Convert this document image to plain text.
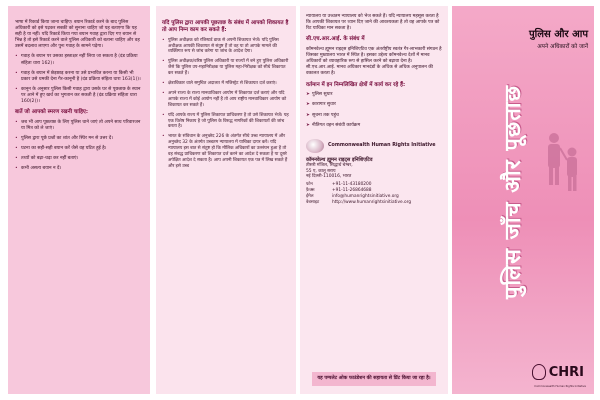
भाषा में रिकार्ड किया जाना चाहिए। बयान रिकार्ड करने के बाद पुलिस अधिकारी को इसे पढ़कर सबकी को सुनाना चाहिए जो यह बताएगा कि यह सही है या नहीं। यदि रिकार्ड किया गया बयान गवाह द्वारा दिए गए बयान से भिन्न है तो इसे रिकार्ड करने वाले पुलिस अधिकारी को बताना चाहिए और वह उसमें बदलाव लाएगा और पुनः गवाह के सामने पढ़ेगा।

• गवाह के बयान पर उसका हस्ताक्षर नहीं लिया जा सकता है (दंड प्रक्रिया संहिता धारा 162)।
• गवाह के बयान में छेड़छाड़ करना या उसे प्रभावित करना या किसी भी प्रकार उसे धमकी देना गैर-कानूनी है (दंड प्रक्रिया संहिता धारा 163(1))।
• कानून के अनुसार पुलिस किसी गवाह द्वारा उसके घर से पूछताछ के स्थान पर आने में हुए खर्च का भुगतान कर सकती है (दंड प्रक्रिया संहिता धारा 160(2))।
बातें जो आपको स्मरण रखनी चाहिए:
• जब भी आप पूछताछ के लिए पुलिस थाने जाएं तो अपने साथ परिवारजन या मित्र को ले जाएं।
• पुलिस द्वारा पूछे प्रश्नों का शांत और स्थिर मन से उत्तर दें।
• घटना का सही-सही बयान करें जैसे वह घटित हुई है।
• तथ्यों को बढ़ा-चढ़ा कर नहीं बताएं।
• कभी असत्य बयान न दें।
यदि पुलिस द्वारा आपकी पूछताछ के संबंध में आपको शिकायत है तो आप निम्न काम कर सकते हैं:
• पुलिस अधीक्षक को रजिस्टर्ड डाक से अपनी शिकायत भेजें। यदि पुलिस अधीक्षक आपकी शिकायत से संतुष्ट हैं तो वह या तो आपके मामले की व्यक्तिगत रूप से जांच करेगा या जांच के आदेश देगा।
• पुलिस अधीक्षक/वरिष्ठ पुलिस अधिकारी या राज्यों में बने हुए पुलिस अधिकारी जैसे कि पुलिस उप-महानिरीक्षक या पुलिस महा-निरीक्षक को सीधे शिकायत कर सकते हैं।
• क्षेत्राधिकार वाले समुचित अदालत में मजिस्ट्रेट से शिकायत दर्ज कराएं।
• अपने राज्य के राज्य मानवाधिकार आयोग में शिकायत दर्ज कराएं और यदि आपके राज्य में कोई आयोग नहीं है तो आप राष्ट्रीय मानवाधिकार आयोग को शिकायत कर सकते हैं।
• यदि आपके राज्य में पुलिस शिकायत प्राधिकरण है तो उसे शिकायत भेजें। यह एक विशेष निकाय है जो पुलिस के विरुद्ध नागरिकों की शिकायतों की जांच करता है।
• भारत के संविधान के अनुच्छेद 226 के अंतर्गत सीधे उच्च न्यायालय में और अनुच्छेद 32 के अंतर्गत उच्चतम न्यायालय में याचिका दायर करें। यदि न्यायालय इस बात से संतुष्ट हो कि मौलिक अधिकारों का उल्लंघन हुआ है तो वह संबद्ध प्राधिकरण को शिकायत दर्ज करने का आदेश दे सकता है या दूसरे अपेक्षित आदेश दे सकता है। आप अपनी शिकायत एक पत्र में लिख सकते हैं और इसे उच्च

न्यायालय या उच्चतम न्यायालय को भेज सकते हैं। यदि न्यायालय महसूस करता है कि आपकी शिकायत पर ध्यान दिए जाने की आवश्यकता है तो वह आपके पत्र को रिट याचिका मान सकता है।

सी.एच.आर.आई. के संबंध में

कॉमनवेल्थ ह्यूमन राइट्स इनिशिएटिव एक अंतर्राष्ट्रीय स्वतंत्र गैर-लाभकारी संगठन है जिसका मुख्यालय भारत में स्थित है। इसका उद्देश्य कॉमनवेल्थ देशों में मानव अधिकारों को व्यावहारिक रूप से हासिल करने को बढ़ावा देना है। सी.एच.आर.आई. मानव अधिकार मानदंडों के अधिक से अधिक अनुपालन की वकालत करता है।

वर्तमान में इन निम्नलिखित क्षेत्रों में कार्य कर रहे हैं:
➤ पुलिस सुधार
➤ कारागार सुधार
➤ सूचना तक पहुंच
➤ नीतिगत वहन संबंधी कार्यक्रम
Commonwealth Human Rights Initiative
कॉमनवेल्थ ह्यूमन राइट्स इनिशिएटिव
तीसरी मंजिल, सिद्धार्थ चेम्बर,
55 ए, कालू सराय
नई दिल्ली-110016, भारत
फोन	+91-11-43180200
फ़ैक्स	+91-11-26864688
ईमेल	info@humanrightsinitiative.org
वेबसाइट	http://www.humanrightsinitiative.org
यह पम्पलेट ओक फाउंडेशन की सहायता से प्रिंट किया जा रहा है।
पुलिस और आप
अपने अधिकारों को जानें
पुलिस जाँच और पूछताछ
CHRI
Commonwealth Human Rights Initiative
